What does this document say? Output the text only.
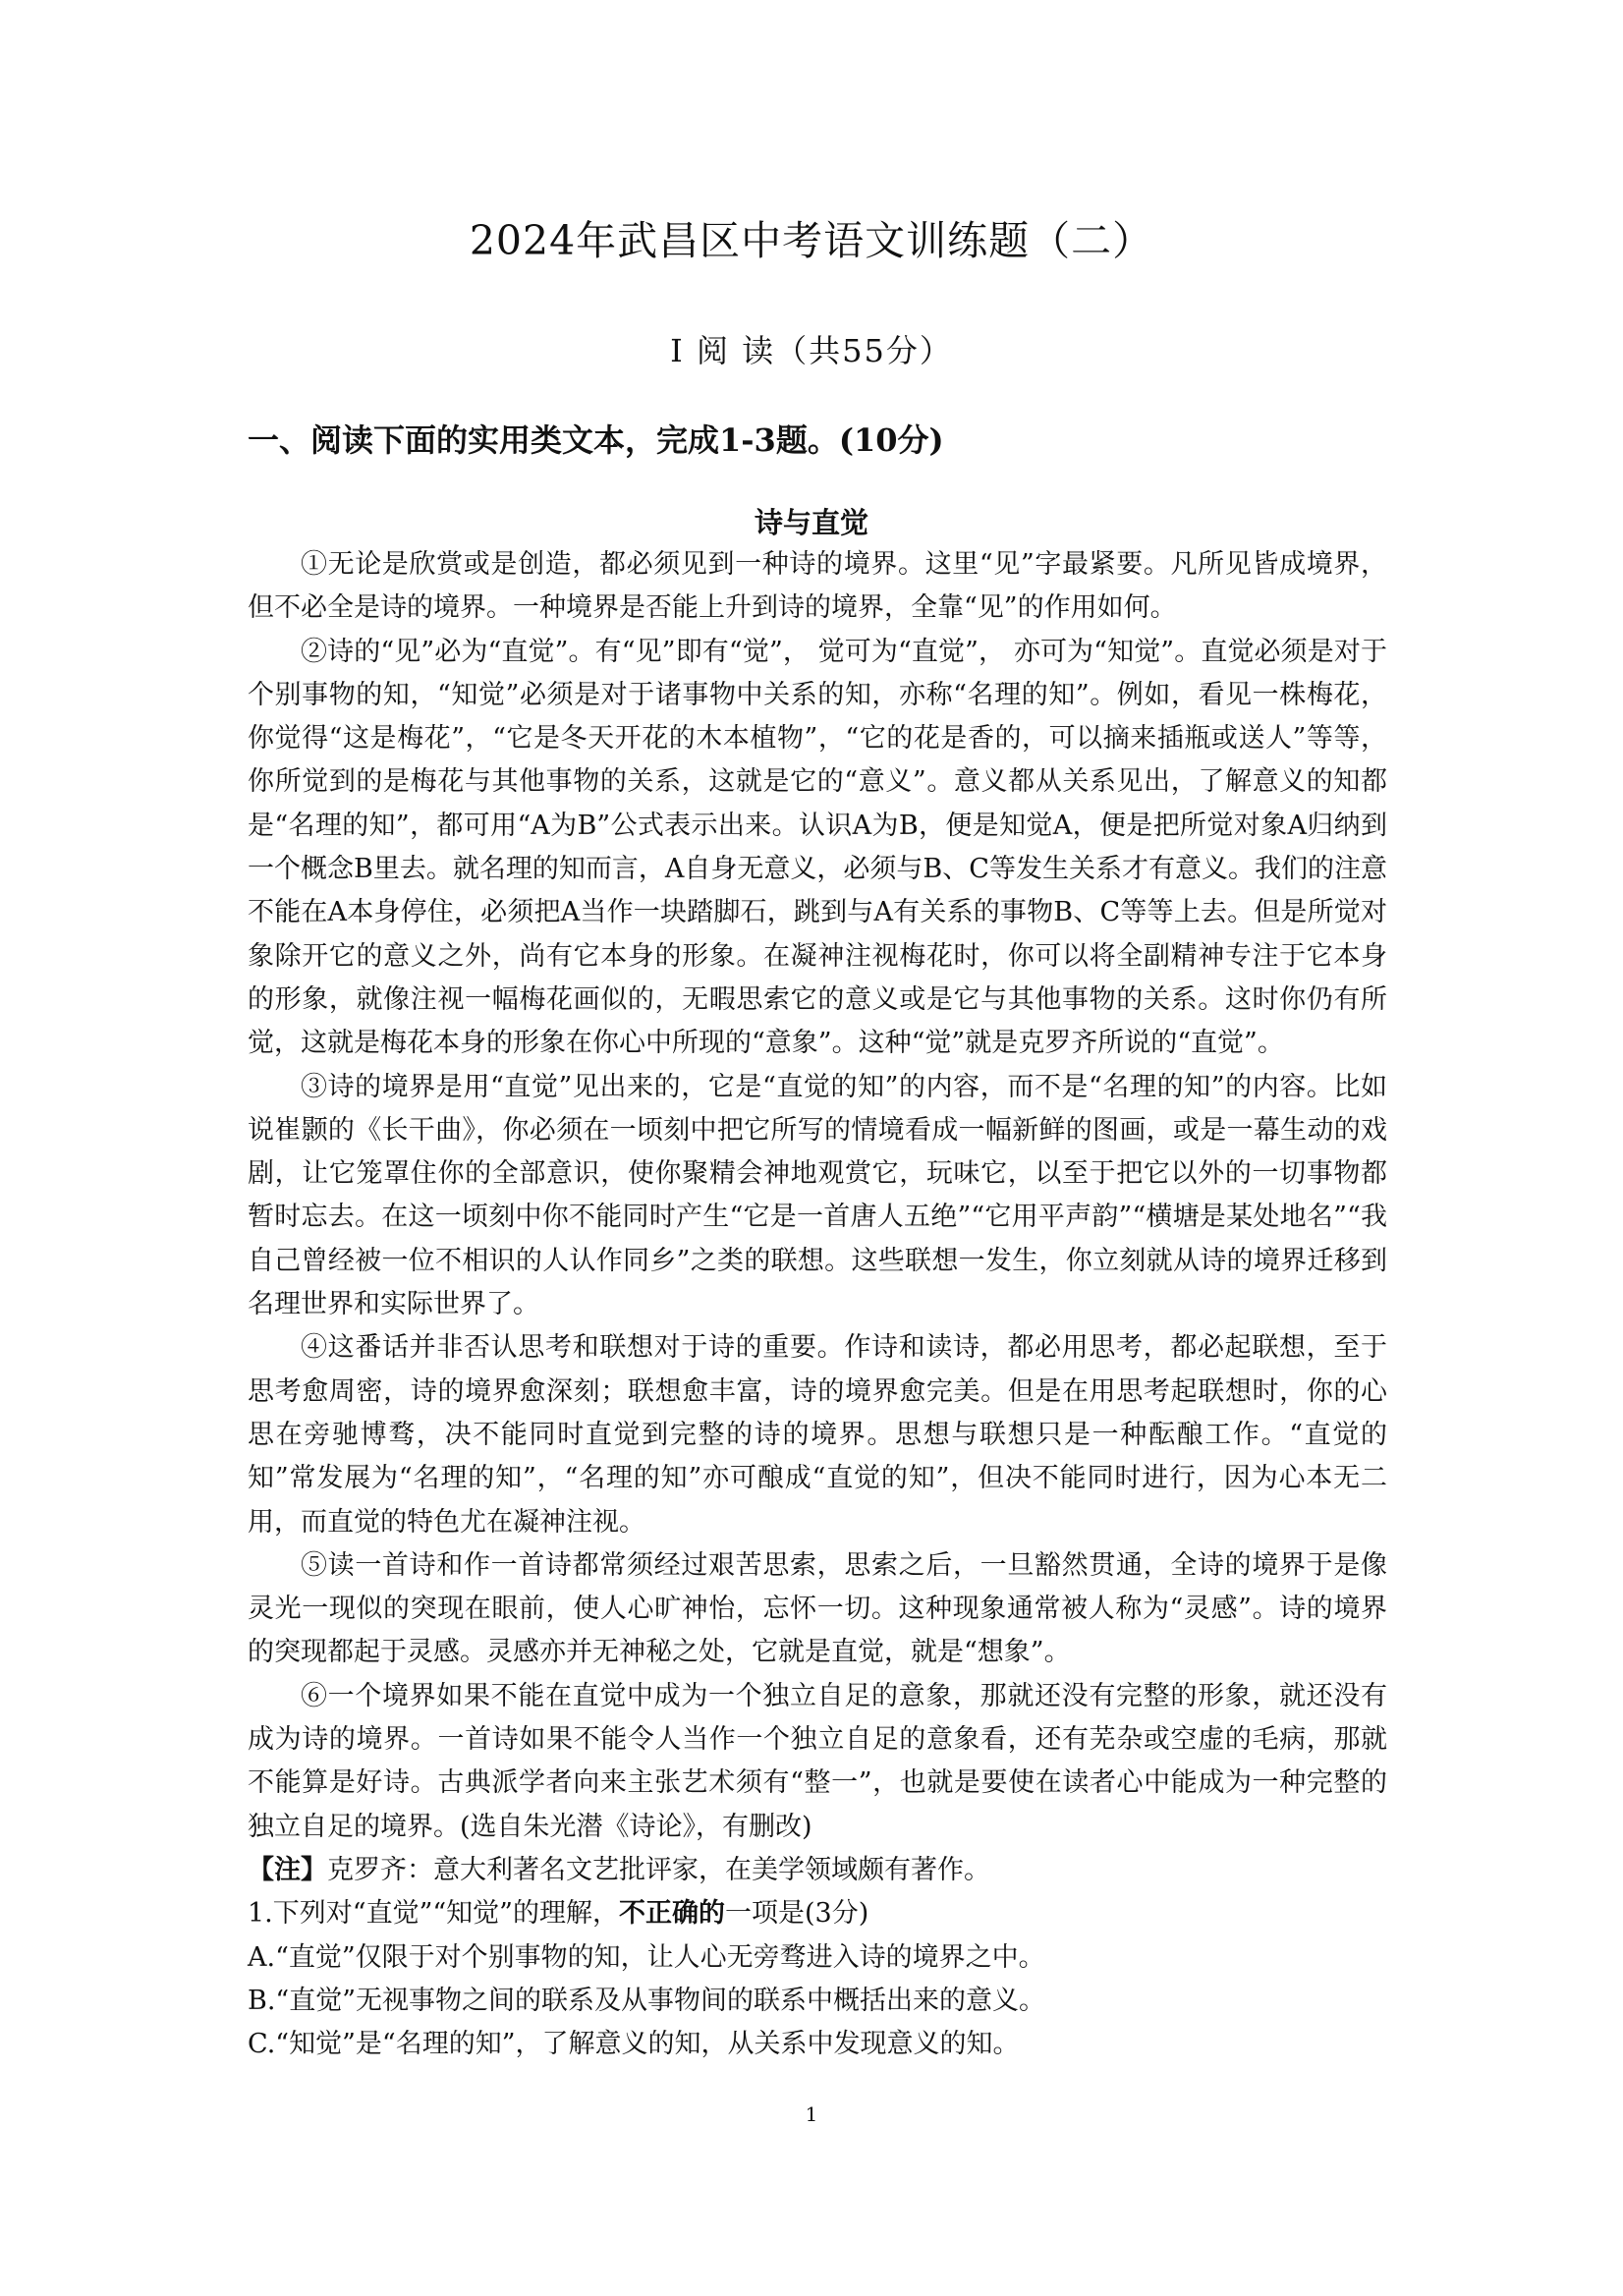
2024年武昌区中考语文训练题（二）
Ⅰ 阅 读（共55分）
一、阅读下面的实用类文本，完成1-3题。(10分)
诗与直觉

①无论是欣赏或是创造，都必须见到一种诗的境界。这里“见”字最紧要。凡所见皆成境界，但不必全是诗的境界。一种境界是否能上升到诗的境界，全靠“见”的作用如何。

②诗的“见”必为“直觉”。有“见”即有“觉”， 觉可为“直觉”， 亦可为“知觉”。直觉必须是对于个别事物的知，“知觉”必须是对于诸事物中关系的知，亦称“名理的知”。例如，看见一株梅花，你觉得“这是梅花”，“它是冬天开花的木本植物”，“它的花是香的，可以摘来插瓶或送人”等等，你所觉到的是梅花与其他事物的关系，这就是它的“意义”。意义都从关系见出，了解意义的知都是“名理的知”，都可用“A为B”公式表示出来。认识A为B，便是知觉A，便是把所觉对象A归纳到一个概念B里去。就名理的知而言，A自身无意义，必须与B、C等发生关系才有意义。我们的注意不能在A本身停住，必须把A当作一块踏脚石，跳到与A有关系的事物B、C等等上去。但是所觉对象除开它的意义之外，尚有它本身的形象。在凝神注视梅花时，你可以将全副精神专注于它本身的形象，就像注视一幅梅花画似的，无暇思索它的意义或是它与其他事物的关系。这时你仍有所觉，这就是梅花本身的形象在你心中所现的“意象”。这种“觉”就是克罗齐所说的“直觉”。

③诗的境界是用“直觉”见出来的，它是“直觉的知”的内容，而不是“名理的知”的内容。比如说崔颢的《长干曲》，你必须在一顷刻中把它所写的情境看成一幅新鲜的图画，或是一幕生动的戏剧，让它笼罩住你的全部意识，使你聚精会神地观赏它，玩味它，以至于把它以外的一切事物都暂时忘去。在这一顷刻中你不能同时产生“它是一首唐人五绝”“它用平声韵”“横塘是某处地名”“我自己曾经被一位不相识的人认作同乡”之类的联想。这些联想一发生，你立刻就从诗的境界迁移到名理世界和实际世界了。

④这番话并非否认思考和联想对于诗的重要。作诗和读诗，都必用思考，都必起联想，至于思考愈周密，诗的境界愈深刻；联想愈丰富，诗的境界愈完美。但是在用思考起联想时，你的心思在旁驰博骛，决不能同时直觉到完整的诗的境界。思想与联想只是一种酝酿工作。“直觉的知”常发展为“名理的知”，“名理的知”亦可酿成“直觉的知”，但决不能同时进行，因为心本无二用，而直觉的特色尤在凝神注视。

⑤读一首诗和作一首诗都常须经过艰苦思索，思索之后，一旦豁然贯通，全诗的境界于是像灵光一现似的突现在眼前，使人心旷神怡，忘怀一切。这种现象通常被人称为“灵感”。诗的境界的突现都起于灵感。灵感亦并无神秘之处，它就是直觉，就是“想象”。

⑥一个境界如果不能在直觉中成为一个独立自足的意象，那就还没有完整的形象，就还没有成为诗的境界。一首诗如果不能令人当作一个独立自足的意象看，还有芜杂或空虚的毛病，那就不能算是好诗。古典派学者向来主张艺术须有“整一”，也就是要使在读者心中能成为一种完整的独立自足的境界。(选自朱光潜《诗论》，有删改)

【注】克罗齐：意大利著名文艺批评家，在美学领域颇有著作。

1.下列对“直觉”“知觉”的理解，不正确的一项是(3分)

A.“直觉”仅限于对个别事物的知，让人心无旁骛进入诗的境界之中。

B.“直觉”无视事物之间的联系及从事物间的联系中概括出来的意义。

C.“知觉”是“名理的知”，了解意义的知，从关系中发现意义的知。

1
